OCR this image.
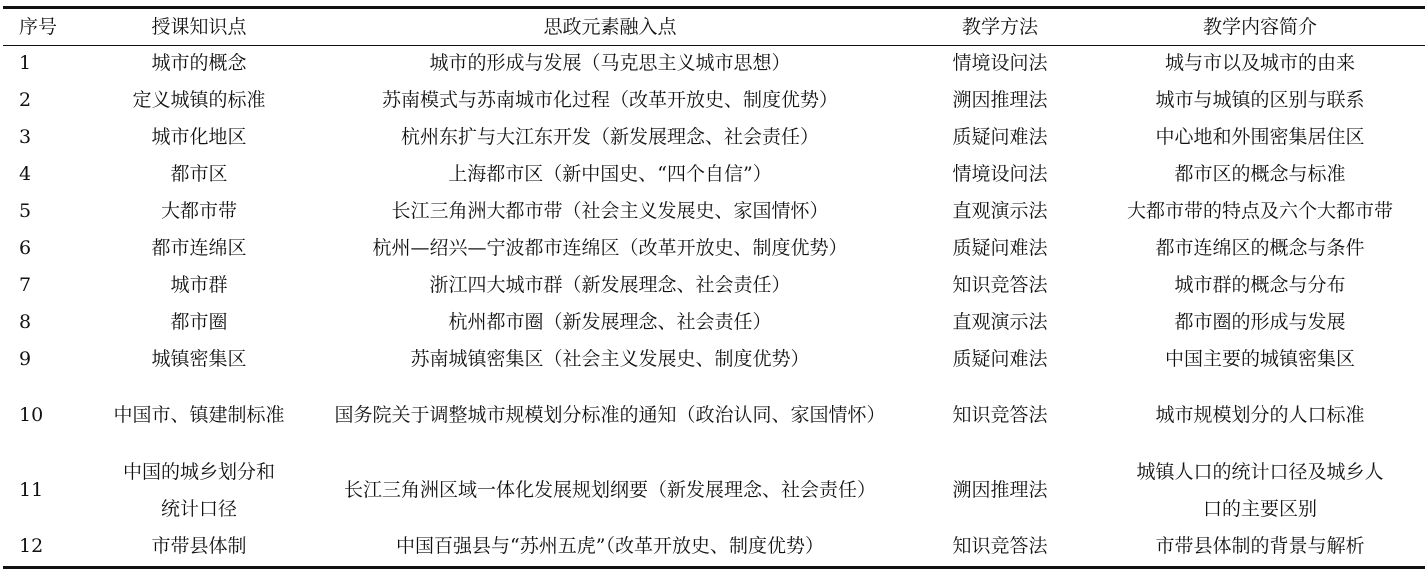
序号	授课知识点	思政元素融入点	教学方法	教学内容简介
1	城市的概念	城市的形成与发展（马克思主义城市思想）	情境设问法	城与市以及城市的由来
2	定义城镇的标准	苏南模式与苏南城市化过程（改革开放史、制度优势）	溯因推理法	城市与城镇的区别与联系
3	城市化地区	杭州东扩与大江东开发（新发展理念、社会责任）	质疑问难法	中心地和外围密集居住区
4	都市区	上海都市区（新中国史、“四个自信”）	情境设问法	都市区的概念与标准
5	大都市带	长江三角洲大都市带（社会主义发展史、家国情怀）	直观演示法	大都市带的特点及六个大都市带
6	都市连绵区	杭州—绍兴—宁波都市连绵区（改革开放史、制度优势）	质疑问难法	都市连绵区的概念与条件
7	城市群	浙江四大城市群（新发展理念、社会责任）	知识竞答法	城市群的概念与分布
8	都市圈	杭州都市圈（新发展理念、社会责任）	直观演示法	都市圈的形成与发展
9	城镇密集区	苏南城镇密集区（社会主义发展史、制度优势）	质疑问难法	中国主要的城镇密集区
10	中国市、镇建制标准	国务院关于调整城市规模划分标准的通知（政治认同、家国情怀）	知识竞答法	城市规模划分的人口标准
11	中国的城乡划分和统计口径	长江三角洲区域一体化发展规划纲要（新发展理念、社会责任）	溯因推理法	城镇人口的统计口径及城乡人口的主要区别
12	市带县体制	中国百强县与“苏州五虎”（改革开放史、制度优势）	知识竞答法	市带县体制的背景与解析
